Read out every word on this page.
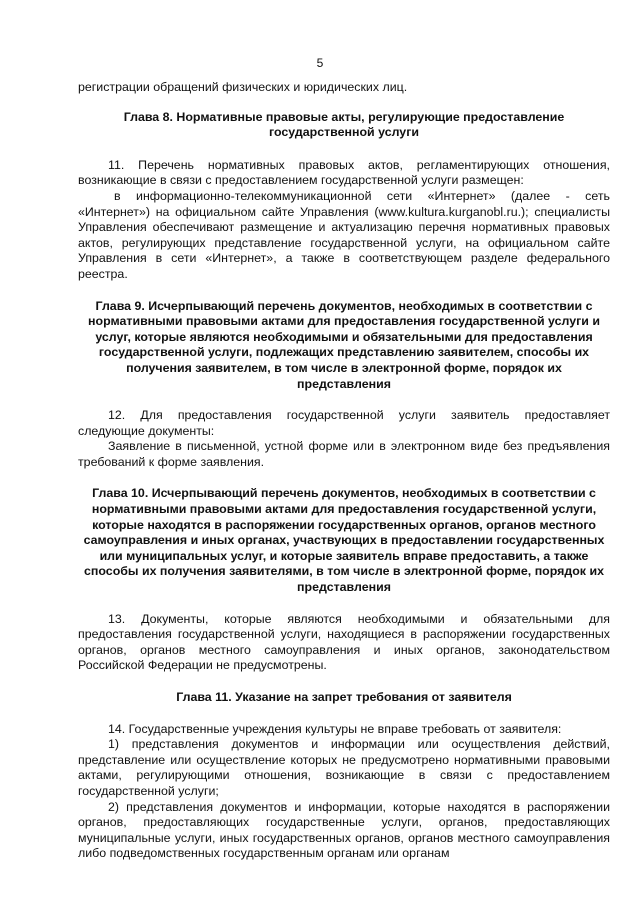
5

регистрации обращений физических и юридических лиц.

Глава 8. Нормативные правовые акты, регулирующие предоставление государственной услуги

11. Перечень нормативных правовых актов, регламентирующих отношения, возникающие в связи с предоставлением государственной услуги размещен:

в информационно-телекоммуникационной сети «Интернет» (далее - сеть «Интернет») на официальном сайте Управления (www.kultura.kurganobl.ru.); специалисты Управления обеспечивают размещение и актуализацию перечня нормативных правовых актов, регулирующих представление государственной услуги, на официальном сайте Управления в сети «Интернет», а также в соответствующем разделе федерального реестра.

Глава 9. Исчерпывающий перечень документов, необходимых в соответствии с нормативными правовыми актами для предоставления государственной услуги и услуг, которые являются необходимыми и обязательными для предоставления государственной услуги, подлежащих представлению заявителем, способы их получения заявителем, в том числе в электронной форме, порядок их представления

12. Для предоставления государственной услуги заявитель предоставляет следующие документы:

Заявление в письменной, устной форме или в электронном виде без предъявления требований к форме заявления.

Глава 10. Исчерпывающий перечень документов, необходимых в соответствии с нормативными правовыми актами для предоставления государственной услуги, которые находятся в распоряжении государственных органов, органов местного самоуправления и иных органах, участвующих в предоставлении государственных или муниципальных услуг, и которые заявитель вправе предоставить, а также способы их получения заявителями, в том числе в электронной форме, порядок их представления

13. Документы, которые являются необходимыми и обязательными для предоставления государственной услуги, находящиеся в распоряжении государственных органов, органов местного самоуправления и иных органов, законодательством Российской Федерации не предусмотрены.

Глава 11. Указание на запрет требования от заявителя

14. Государственные учреждения культуры не вправе требовать от заявителя:

1) представления документов и информации или осуществления действий, представление или осуществление которых не предусмотрено нормативными правовыми актами, регулирующими отношения, возникающие в связи с предоставлением государственной услуги;

2) представления документов и информации, которые находятся в распоряжении органов, предоставляющих государственные услуги, органов, предоставляющих муниципальные услуги, иных государственных органов, органов местного самоуправления либо подведомственных государственным органам или органам
